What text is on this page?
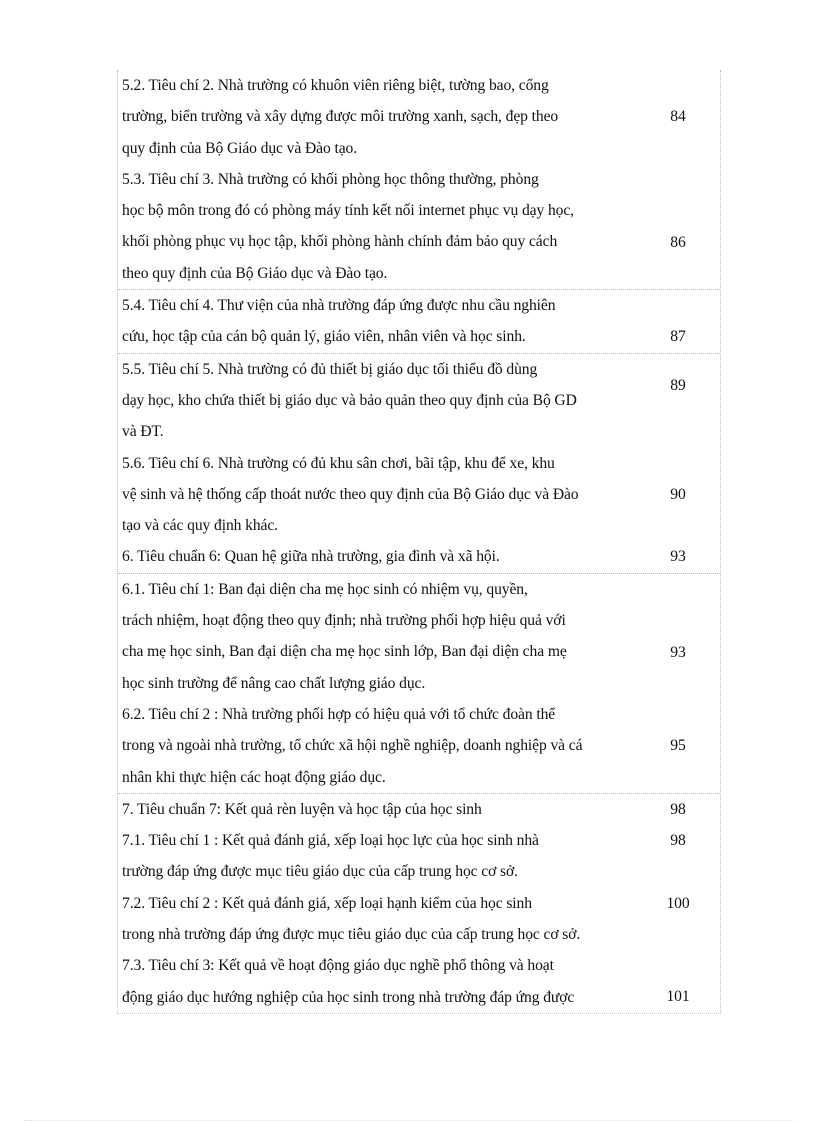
5.2. Tiêu chí 2. Nhà trường có khuôn viên riêng biệt, tường bao, cổng
trường, biển trường và xây dựng được môi trường xanh, sạch, đẹp theo
quy định của Bộ Giáo dục và Đào tạo.
84
5.3. Tiêu chí 3. Nhà trường có khối phòng học thông thường, phòng
học bộ môn trong đó có phòng máy tính kết nối internet phục vụ dạy học,
khối phòng phục vụ học tập, khối phòng hành chính đảm bảo quy cách
theo quy định của Bộ Giáo dục và Đào tạo.
86
5.4. Tiêu chí 4. Thư viện của nhà trường đáp ứng được nhu cầu nghiên
cứu, học tập của cán bộ quản lý, giáo viên, nhân viên và học sinh.	87
5.5. Tiêu chí 5. Nhà trường có đủ thiết bị giáo dục tối thiểu đồ dùng
dạy học, kho chứa thiết bị giáo dục và bảo quản theo quy định của Bộ GD
và ĐT.
89
5.6. Tiêu chí 6. Nhà trường có đủ khu sân chơi, bãi tập, khu để xe, khu
vệ sinh và hệ thống cấp thoát nước theo quy định của Bộ Giáo dục và Đào
tạo và các quy định khác.
90
6. Tiêu chuẩn 6: Quan hệ giữa nhà trường, gia đình và xã hội.	93
6.1. Tiêu chí 1: Ban đại diện cha mẹ học sinh có nhiệm vụ, quyền,
trách nhiệm, hoạt động theo quy định; nhà trường phối hợp hiệu quả với
cha mẹ học sinh, Ban đại diện cha mẹ học sinh lớp, Ban đại diện cha mẹ
học sinh trường để nâng cao chất lượng giáo dục.
93
6.2. Tiêu chí 2 : Nhà trường phối hợp có hiệu quả với tổ chức đoàn thể
trong và ngoài nhà trường, tổ chức xã hội nghề nghiệp, doanh nghiệp và cá
nhân khi thực hiện các hoạt động giáo dục.
95
7. Tiêu chuẩn 7: Kết quả rèn luyện và học tập của học sinh	98
7.1. Tiêu chí 1 : Kết quả đánh giá, xếp loại học lực của học sinh nhà
trường đáp ứng được mục tiêu giáo dục của cấp trung học cơ sở.
98
7.2. Tiêu chí 2 : Kết quả đánh giá, xếp loại hạnh kiểm của học sinh
trong nhà trường đáp ứng được mục tiêu giáo dục của cấp trung học cơ sở.
100
7.3. Tiêu chí 3: Kết quả về hoạt động giáo dục nghề phổ thông và hoạt
động giáo dục hướng nghiệp của học sinh trong nhà trường đáp ứng được	101
